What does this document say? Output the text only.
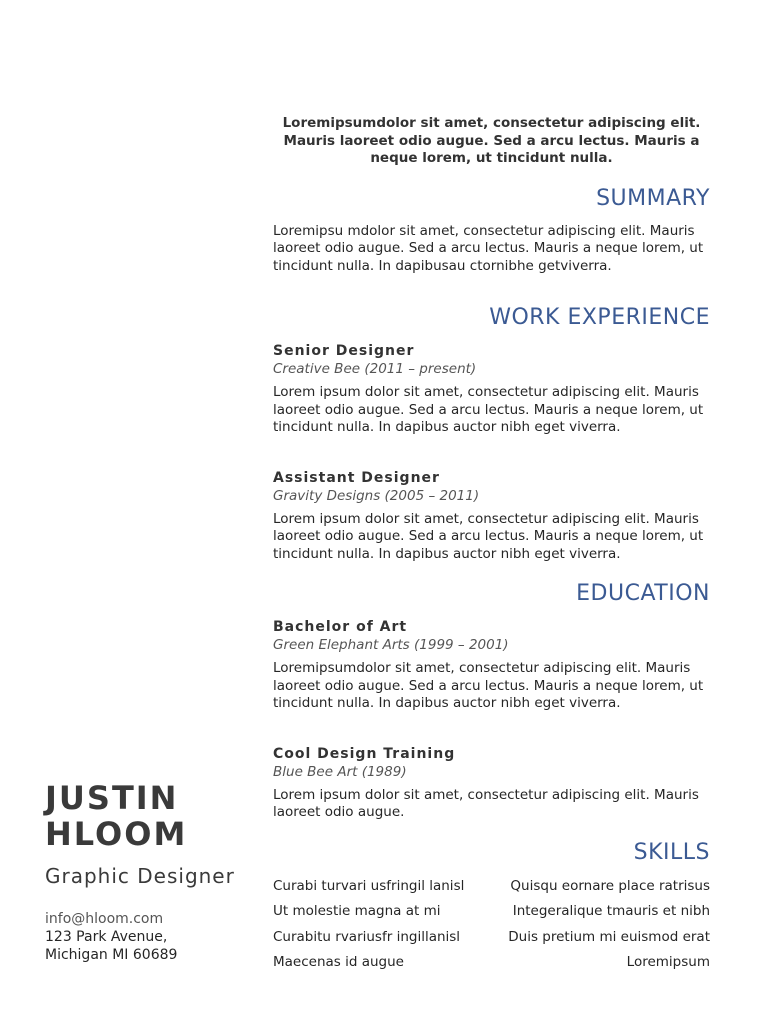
JUSTIN
HLOOM
Graphic Designer
info@hloom.com
123 Park Avenue,
Michigan MI 60689

Loremipsumdolor sit amet, consectetur adipiscing elit. Mauris laoreet odio augue. Sed a arcu lectus. Mauris a neque lorem, ut tincidunt nulla.

SUMMARY

Loremipsu mdolor sit amet, consectetur adipiscing elit. Mauris laoreet odio augue. Sed a arcu lectus. Mauris a neque lorem, ut tincidunt nulla. In dapibusau ctornibhe getviverra.

WORK EXPERIENCE
Senior Designer
Creative Bee (2011 – present)

Lorem ipsum dolor sit amet, consectetur adipiscing elit. Mauris laoreet odio augue. Sed a arcu lectus. Mauris a neque lorem, ut tincidunt nulla. In dapibus auctor nibh eget viverra.

Assistant Designer
Gravity Designs (2005 – 2011)

Lorem ipsum dolor sit amet, consectetur adipiscing elit. Mauris laoreet odio augue. Sed a arcu lectus. Mauris a neque lorem, ut tincidunt nulla. In dapibus auctor nibh eget viverra.

EDUCATION
Bachelor of Art
Green Elephant Arts (1999 – 2001)

Loremipsumdolor sit amet, consectetur adipiscing elit. Mauris laoreet odio augue. Sed a arcu lectus. Mauris a neque lorem, ut tincidunt nulla. In dapibus auctor nibh eget viverra.

Cool Design Training
Blue Bee Art (1989)

Lorem ipsum dolor sit amet, consectetur adipiscing elit. Mauris laoreet odio augue.

SKILLS
Curabi turvari usfringil lanisl	Quisqu eornare place ratrisus
Ut molestie magna at mi	Integeralique tmauris et nibh
Curabitu rvariusfr ingillanisl	Duis pretium mi euismod erat
Maecenas id augue	Loremipsum
